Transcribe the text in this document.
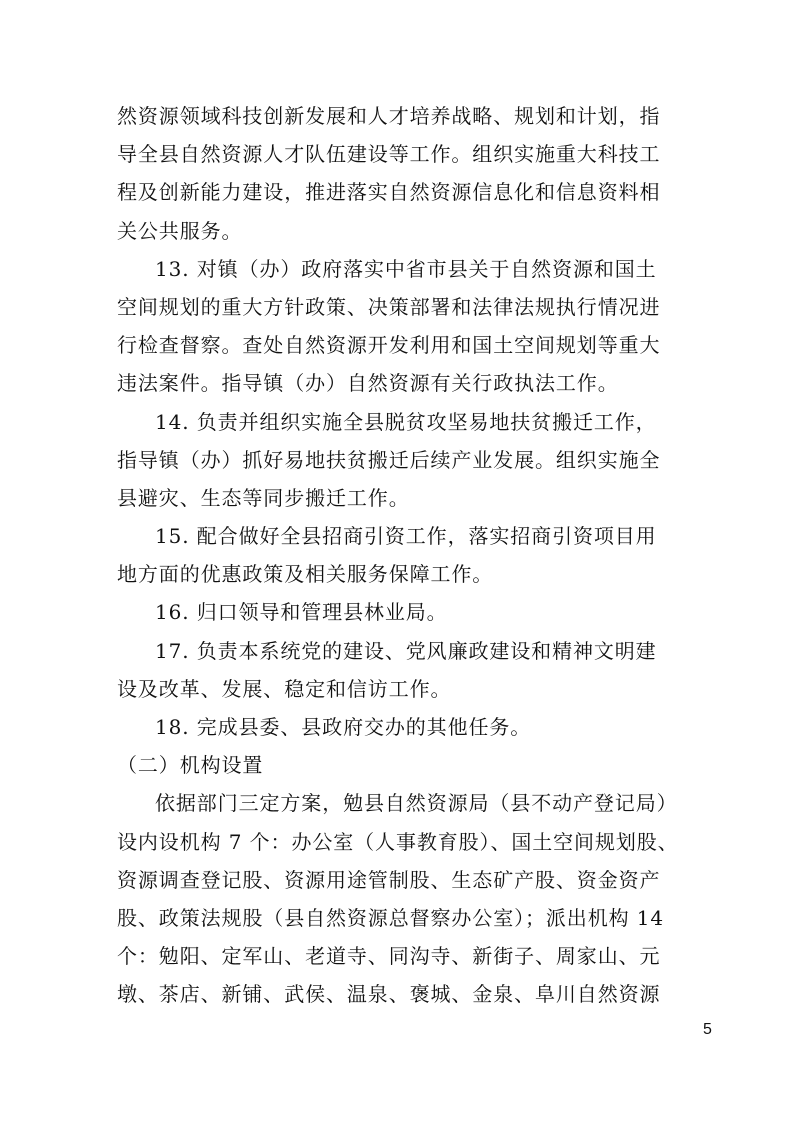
然资源领域科技创新发展和人才培养战略、规划和计划，指
导全县自然资源人才队伍建设等工作。组织实施重大科技工
程及创新能力建设，推进落实自然资源信息化和信息资料相
关公共服务。
13. 对镇（办）政府落实中省市县关于自然资源和国土
空间规划的重大方针政策、决策部署和法律法规执行情况进
行检查督察。查处自然资源开发利用和国土空间规划等重大
违法案件。指导镇（办）自然资源有关行政执法工作。
14. 负责并组织实施全县脱贫攻坚易地扶贫搬迁工作，
指导镇（办）抓好易地扶贫搬迁后续产业发展。组织实施全
县避灾、生态等同步搬迁工作。
15. 配合做好全县招商引资工作，落实招商引资项目用
地方面的优惠政策及相关服务保障工作。
16. 归口领导和管理县林业局。
17. 负责本系统党的建设、党风廉政建设和精神文明建
设及改革、发展、稳定和信访工作。
18. 完成县委、县政府交办的其他任务。
（二）机构设置
依据部门三定方案，勉县自然资源局（县不动产登记局）
设内设机构 7 个：办公室（人事教育股）、国土空间规划股、
资源调查登记股、资源用途管制股、生态矿产股、资金资产
股、政策法规股（县自然资源总督察办公室）；派出机构 14
个：勉阳、定军山、老道寺、同沟寺、新街子、周家山、元
墩、茶店、新铺、武侯、温泉、褒城、金泉、阜川自然资源
5
